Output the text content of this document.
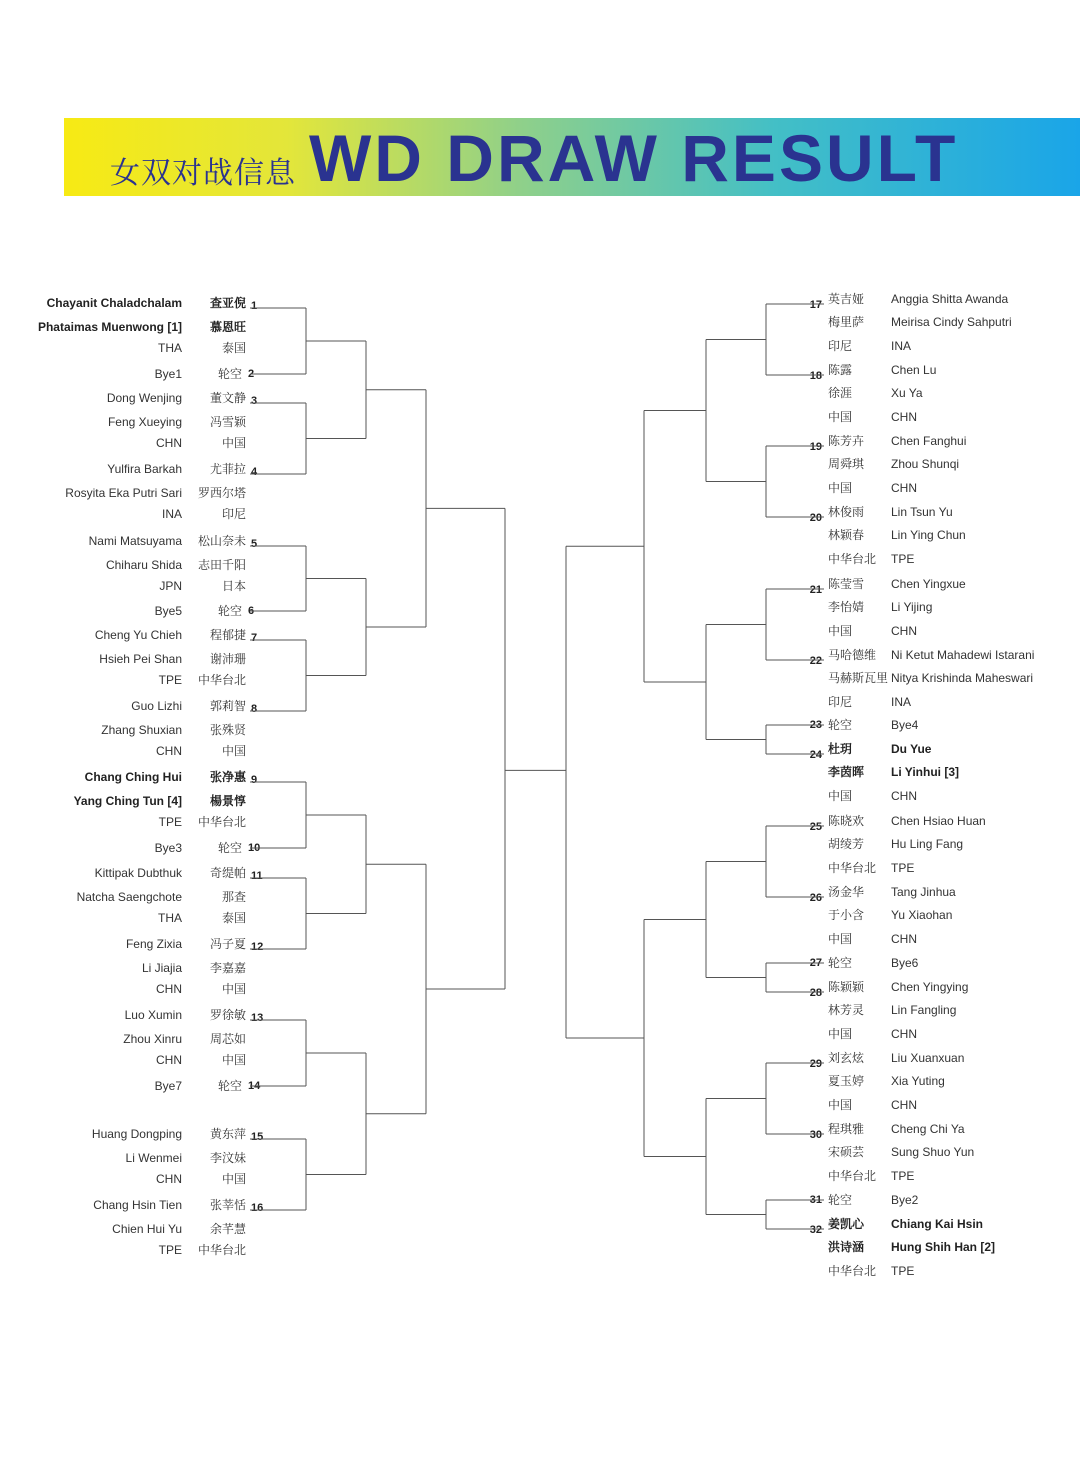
女双对战信息 WD DRAW RESULT
Chayanit Chaladchalam 查亚倪
Phataimas Muenwong [1] 慕恩旺
THA	泰国
1
Bye1	轮空 2
Dong Wenjing 董文静
Feng Xueying 冯雪颖
CHN	中国
3
Yulfira Barkah 尤菲拉
Rosyita Eka Putri Sari 罗西尔塔
INA	印尼
4
Nami Matsuyama 松山奈未
Chiharu Shida 志田千阳
JPN	日本
5
Bye5	轮空 6
Cheng Yu Chieh 程郁捷
Hsieh Pei Shan 谢沛珊
TPE 中华台北
7
Guo Lizhi 郭莉智
Zhang Shuxian 张殊贤
CHN	中国
8
Chang Ching Hui 张净惠
Yang Ching Tun [4] 楊景惇
TPE 中华台北
9
Bye3	轮空 10
Kittipak Dubthuk 奇缇帕
Natcha Saengchote	那查
THA	泰国
11
Feng Zixia 冯子夏
Li Jiajia 李嘉嘉
CHN	中国
12
Luo Xumin 罗徐敏
Zhou Xinru 周芯如
CHN	中国
13
Bye7	轮空 14
Huang Dongping 黄东萍
Li Wenmei 李汶妹
CHN	中国
15
Chang Hsin Tien 张莘恬
Chien Hui Yu 余芊慧
TPE 中华台北
16
英吉娅 Anggia Shitta Awanda
梅里萨 Meirisa Cindy Sahputri
印尼	INA
17
陈露	Chen Lu
徐涯	Xu Ya
中国	CHN
18
陈芳卉 Chen Fanghui
周舜琪 Zhou Shunqi
中国	CHN
19
林俊雨 Lin Tsun Yu
林颖春 Lin Ying Chun
中华台北 TPE
20
陈莹雪 Chen Yingxue
李怡婧 Li Yijing
中国	CHN
21
马哈德维 Ni Ketut Mahadewi Istarani
马赫斯瓦里 Nitya Krishinda Maheswari
印尼	INA
22
轮空	Bye4
23
杜玥	Du Yue
李茵晖 Li Yinhui [3]
中国	CHN
24
陈晓欢 Chen Hsiao Huan
胡绫芳 Hu Ling Fang
中华台北 TPE
25
汤金华 Tang Jinhua
于小含 Yu Xiaohan
中国	CHN
26
轮空	Bye6
27
陈颖颖 Chen Yingying
林芳灵 Lin Fangling
中国	CHN
28
刘玄炫 Liu Xuanxuan
夏玉婷 Xia Yuting
中国	CHN
29
程琪雅 Cheng Chi Ya
宋硕芸 Sung Shuo Yun
中华台北 TPE
30
轮空	Bye2
31
姜凯心 Chiang Kai Hsin
洪诗涵 Hung Shih Han [2]
中华台北 TPE
32
